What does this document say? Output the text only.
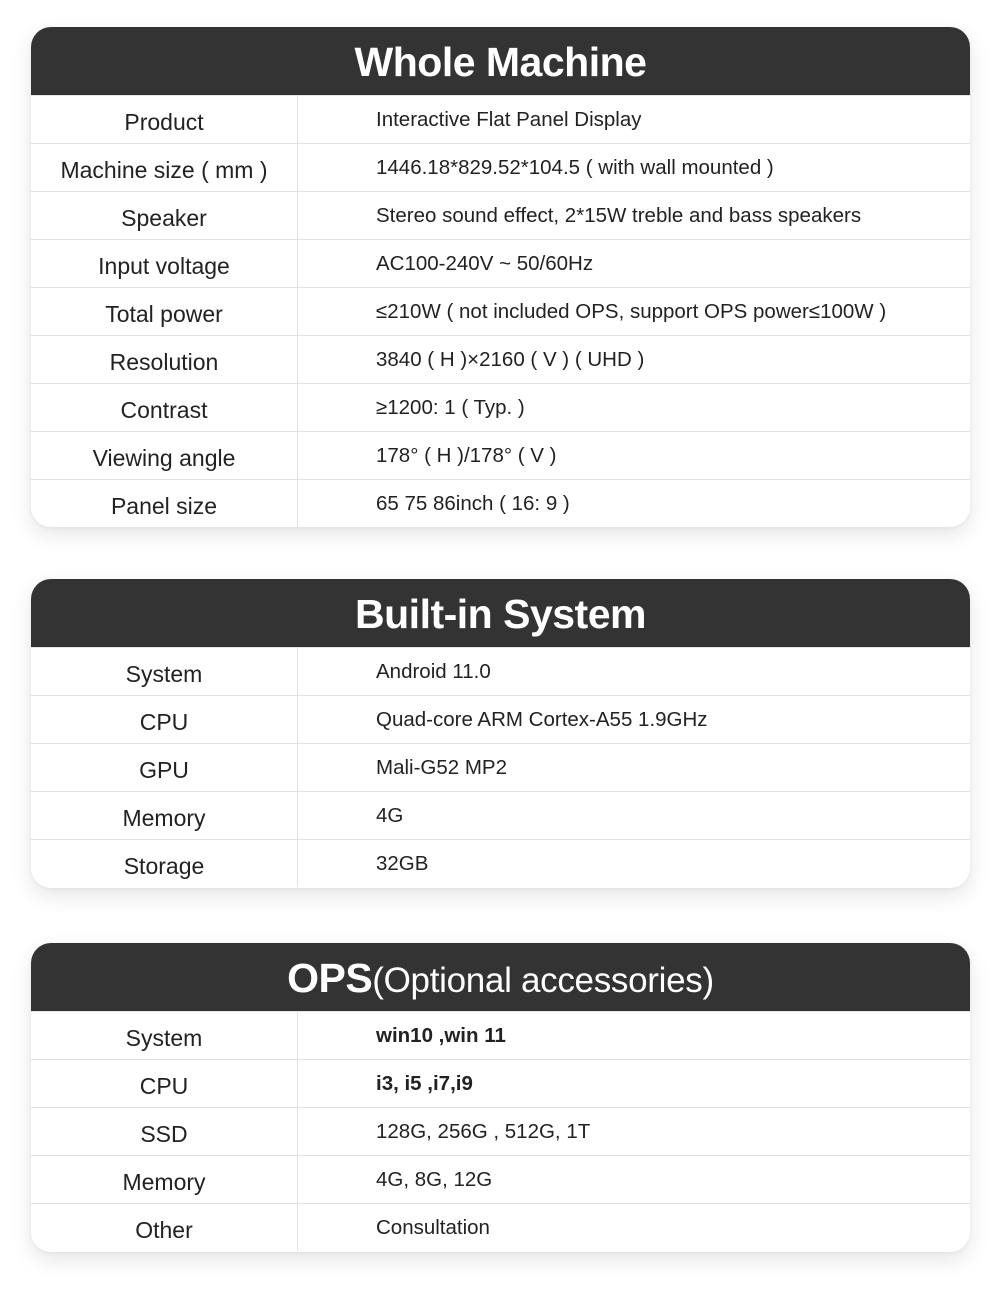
Whole Machine
Product	Interactive Flat Panel Display
Machine size ( mm )	1446.18*829.52*104.5 ( with wall mounted )
Speaker	Stereo sound effect, 2*15W treble and bass speakers
Input voltage	AC100-240V ~ 50/60Hz
Total power	≤210W ( not included OPS, support OPS power≤100W )
Resolution	3840 ( H )×2160 ( V ) ( UHD )
Contrast	≥1200: 1 ( Typ. )
Viewing angle	178° ( H )/178° ( V )
Panel size	65 75 86inch ( 16: 9 )
Built-in System
System	Android 11.0
CPU	Quad-core ARM Cortex-A55 1.9GHz
GPU	Mali-G52 MP2
Memory	4G
Storage	32GB
OPS(Optional accessories)
System	win10 ,win 11
CPU	i3, i5 ,i7,i9
SSD	128G, 256G , 512G, 1T
Memory	4G, 8G, 12G
Other	Consultation
